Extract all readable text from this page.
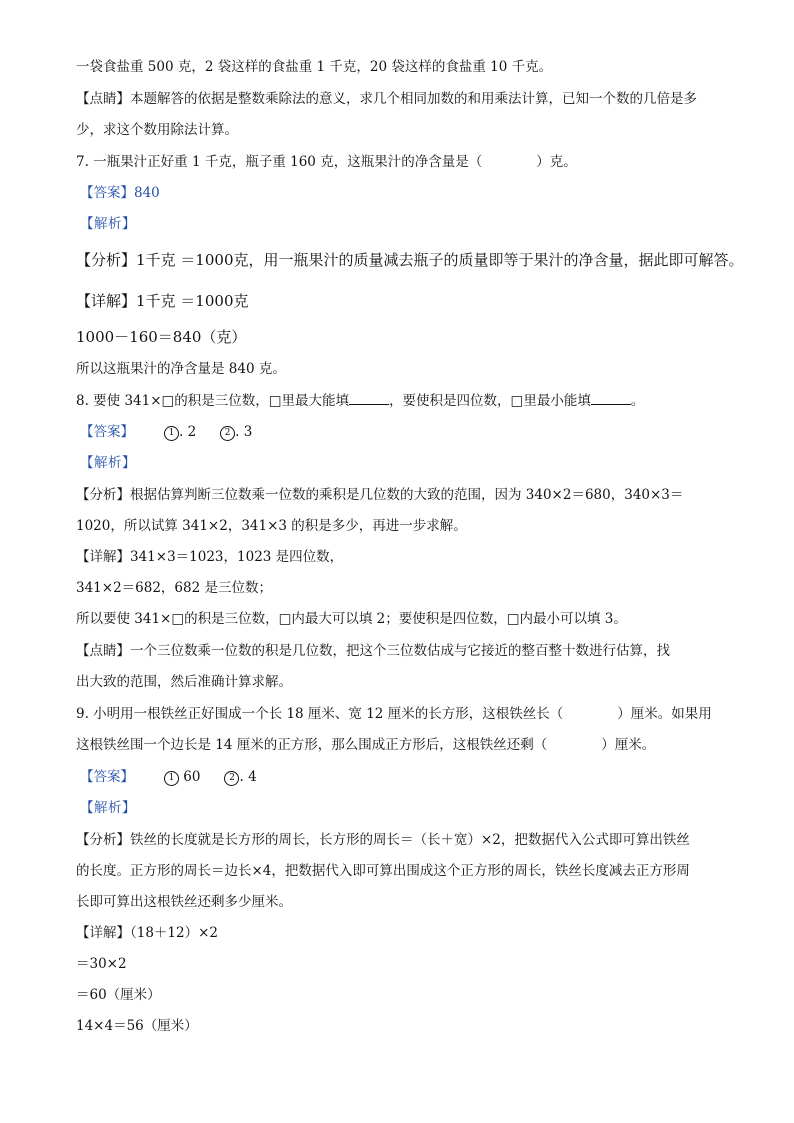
一袋食盐重 500 克，2 袋这样的食盐重 1 千克，20 袋这样的食盐重 10 千克。
【点睛】本题解答的依据是整数乘除法的意义，求几个相同加数的和用乘法计算，已知一个数的几倍是多
少，求这个数用除法计算。
7. 一瓶果汁正好重 1 千克，瓶子重 160 克，这瓶果汁的净含量是（　　　　）克。
【答案】840
【解析】
【分析】1千克 ＝1000克，用一瓶果汁的质量减去瓶子的质量即等于果汁的净含量，据此即可解答。
【详解】1千克 ＝1000克
1000－160＝840（克）
所以这瓶果汁的净含量是 840 克。
8. 要使 341×□的积是三位数，□里最大能填	，要使积是四位数，□里最小能填	。
【答案】	1 . 2	2 . 3
【解析】
【分析】根据估算判断三位数乘一位数的乘积是几位数的大致的范围，因为 340×2＝680，340×3＝
1020，所以试算 341×2，341×3 的积是多少，再进一步求解。
【详解】341×3＝1023，1023 是四位数，
341×2＝682，682 是三位数；
所以要使 341×□的积是三位数，□内最大可以填 2；要使积是四位数，□内最小可以填 3。
【点睛】一个三位数乘一位数的积是几位数，把这个三位数估成与它接近的整百整十数进行估算，找
出大致的范围，然后准确计算求解。
9. 小明用一根铁丝正好围成一个长 18 厘米、宽 12 厘米的长方形，这根铁丝长（　　　　）厘米。如果用
这根铁丝围一个边长是 14 厘米的正方形，那么围成正方形后，这根铁丝还剩（　　　　）厘米。
【答案】	1 60	2 . 4
【解析】
【分析】铁丝的长度就是长方形的周长，长方形的周长＝（长＋宽）×2，把数据代入公式即可算出铁丝
的长度。正方形的周长＝边长×4，把数据代入即可算出围成这个正方形的周长，铁丝长度减去正方形周
长即可算出这根铁丝还剩多少厘米。
【详解】（18＋12）×2
＝30×2
＝60（厘米）
14×4＝56（厘米）
